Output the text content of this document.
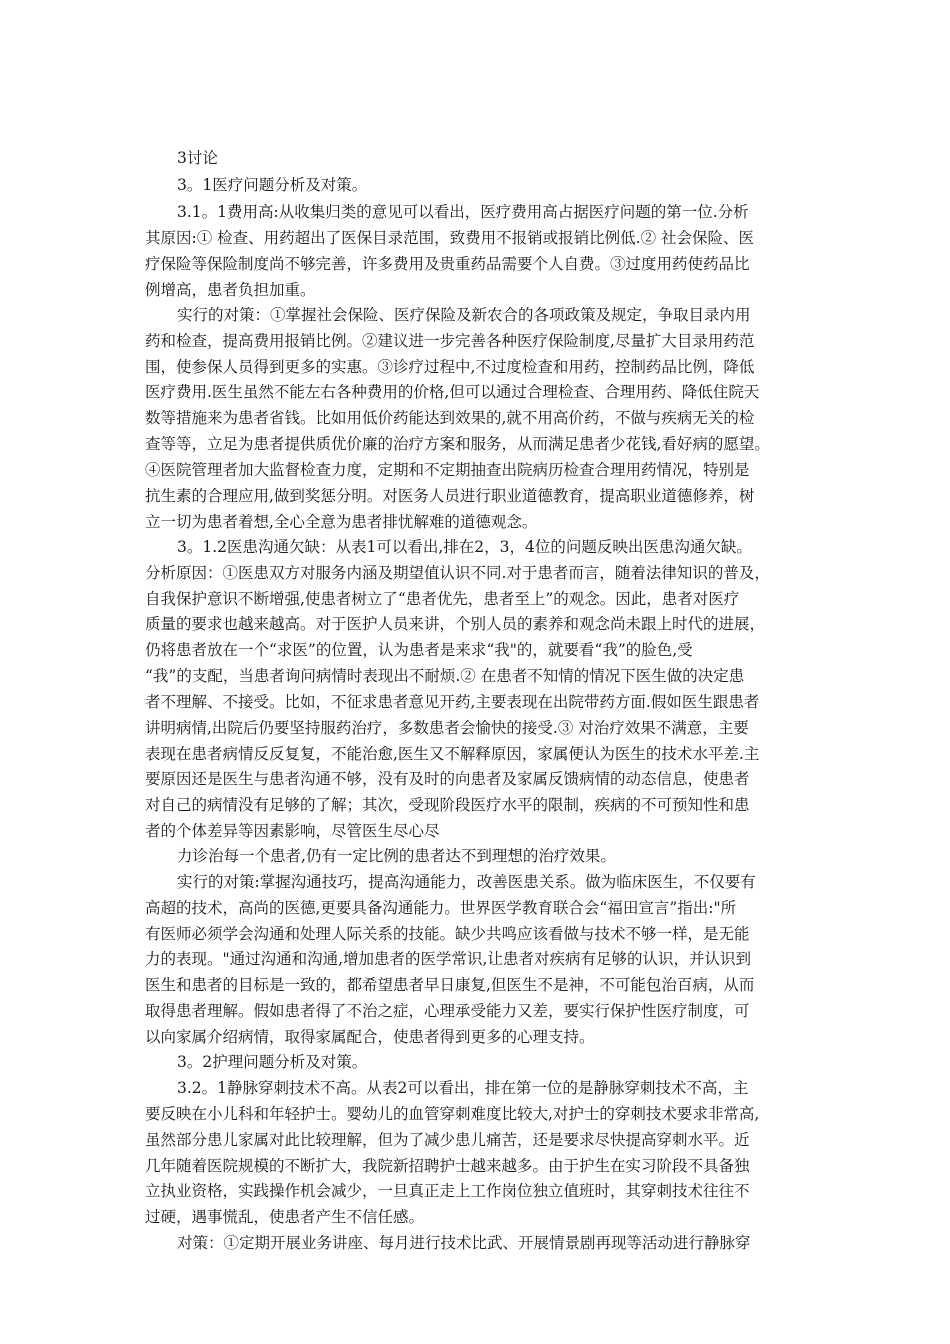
3讨论
3。1医疗问题分析及对策。
3.1。1费用高:从收集归类的意见可以看出，医疗费用高占据医疗问题的第一位.分析
其原因:① 检查、用药超出了医保目录范围，致费用不报销或报销比例低.② 社会保险、医
疗保险等保险制度尚不够完善，许多费用及贵重药品需要个人自费。③过度用药使药品比
例增高，患者负担加重。
实行的对策：①掌握社会保险、医疗保险及新农合的各项政策及规定，争取目录内用
药和检查，提高费用报销比例。②建议进一步完善各种医疗保险制度,尽量扩大目录用药范
围，使参保人员得到更多的实惠。③诊疗过程中,不过度检查和用药，控制药品比例，降低
医疗费用.医生虽然不能左右各种费用的价格,但可以通过合理检查、合理用药、降低住院天
数等措施来为患者省钱。比如用低价药能达到效果的,就不用高价药，不做与疾病无关的检
查等等，立足为患者提供质优价廉的治疗方案和服务，从而满足患者少花钱,看好病的愿望。
④医院管理者加大监督检查力度，定期和不定期抽查出院病历检查合理用药情况，特别是
抗生素的合理应用,做到奖惩分明。对医务人员进行职业道德教育，提高职业道德修养，树
立一切为患者着想,全心全意为患者排忧解难的道德观念。
3。1.2医患沟通欠缺：从表1可以看出,排在2，3，4位的问题反映出医患沟通欠缺。
分析原因：①医患双方对服务内涵及期望值认识不同.对于患者而言，随着法律知识的普及，
自我保护意识不断增强,使患者树立了“患者优先，患者至上”的观念。因此，患者对医疗
质量的要求也越来越高。对于医护人员来讲，个别人员的素养和观念尚未跟上时代的进展，
仍将患者放在一个“求医”的位置，认为患者是来求“我"的，就要看“我”的脸色,受
“我”的支配，当患者询问病情时表现出不耐烦.② 在患者不知情的情况下医生做的决定患
者不理解、不接受。比如，不征求患者意见开药,主要表现在出院带药方面.假如医生跟患者
讲明病情,出院后仍要坚持服药治疗，多数患者会愉快的接受.③ 对治疗效果不满意，主要
表现在患者病情反反复复，不能治愈,医生又不解释原因，家属便认为医生的技术水平差.主
要原因还是医生与患者沟通不够，没有及时的向患者及家属反馈病情的动态信息，使患者
对自己的病情没有足够的了解；其次，受现阶段医疗水平的限制，疾病的不可预知性和患
者的个体差异等因素影响，尽管医生尽心尽
力诊治每一个患者,仍有一定比例的患者达不到理想的治疗效果。
实行的对策:掌握沟通技巧，提高沟通能力，改善医患关系。做为临床医生，不仅要有
高超的技术，高尚的医德,更要具备沟通能力。世界医学教育联合会“福田宣言”指出:"所
有医师必须学会沟通和处理人际关系的技能。缺少共鸣应该看做与技术不够一样，是无能
力的表现。"通过沟通和沟通,增加患者的医学常识,让患者对疾病有足够的认识，并认识到
医生和患者的目标是一致的，都希望患者早日康复,但医生不是神，不可能包治百病，从而
取得患者理解。假如患者得了不治之症，心理承受能力又差，要实行保护性医疗制度，可
以向家属介绍病情，取得家属配合，使患者得到更多的心理支持。
3。2护理问题分析及对策。
3.2。1静脉穿刺技术不高。从表2可以看出，排在第一位的是静脉穿刺技术不高，主
要反映在小儿科和年轻护士。婴幼儿的血管穿刺难度比较大,对护士的穿刺技术要求非常高,
虽然部分患儿家属对此比较理解，但为了减少患儿痛苦，还是要求尽快提高穿刺水平。近
几年随着医院规模的不断扩大，我院新招聘护士越来越多。由于护生在实习阶段不具备独
立执业资格，实践操作机会减少，一旦真正走上工作岗位独立值班时，其穿刺技术往往不
过硬，遇事慌乱，使患者产生不信任感。
对策：①定期开展业务讲座、每月进行技术比武、开展情景剧再现等活动进行静脉穿
